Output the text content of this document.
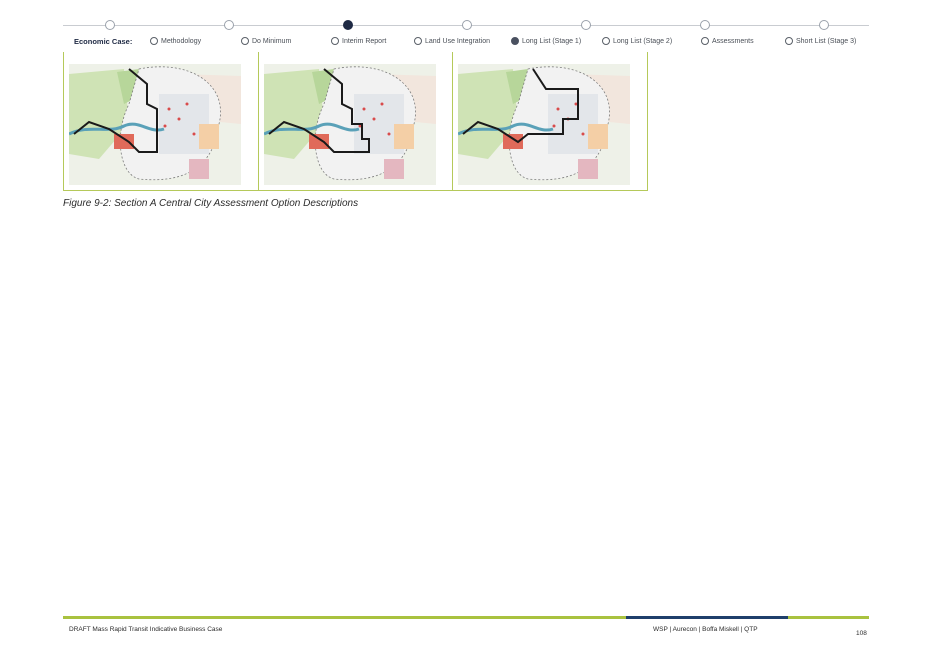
Economic Case:	Methodology	Do Minimum	Interim Report	Land Use Integration	Long List (Stage 1)	Long List (Stage 2)	Assessments	Short List (Stage 3)
Figure 9-2: Section A Central City Assessment Option Descriptions
DRAFT Mass Rapid Transit Indicative Business Case	WSP | Aurecon | Boffa Miskell | QTP
108
